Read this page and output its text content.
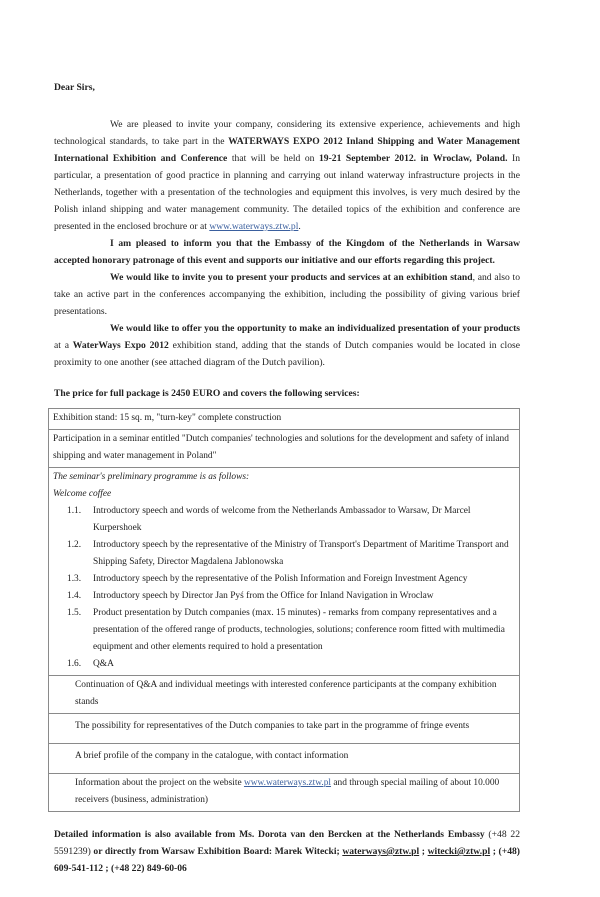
Dear Sirs,

We are pleased to invite your company, considering its extensive experience, achievements and high technological standards, to take part in the WATERWAYS EXPO 2012 Inland Shipping and Water Management International Exhibition and Conference that will be held on 19-21 September 2012. in Wroclaw, Poland. In particular, a presentation of good practice in planning and carrying out inland waterway infrastructure projects in the Netherlands, together with a presentation of the technologies and equipment this involves, is very much desired by the Polish inland shipping and water management community. The detailed topics of the exhibition and conference are presented in the enclosed brochure or at www.waterways.ztw.pl.

I am pleased to inform you that the Embassy of the Kingdom of the Netherlands in Warsaw accepted honorary patronage of this event and supports our initiative and our efforts regarding this project.

We would like to invite you to present your products and services at an exhibition stand, and also to take an active part in the conferences accompanying the exhibition, including the possibility of giving various brief presentations.

We would like to offer you the opportunity to make an individualized presentation of your products at a WaterWays Expo 2012 exhibition stand, adding that the stands of Dutch companies would be located in close proximity to one another (see attached diagram of the Dutch pavilion).

The price for full package is 2450 EURO and covers the following services:
Exhibition stand: 15 sq. m, "turn-key" complete construction
Participation in a seminar entitled "Dutch companies' technologies and solutions for the development and safety of inland shipping and water management in Poland"

The seminar's preliminary programme is as follows:
Welcome coffee
1.1.	Introductory speech and words of welcome from the Netherlands Ambassador to Warsaw, Dr Marcel Kurpershoek
1.2.	Introductory speech by the representative of the Ministry of Transport's Department of Maritime Transport and Shipping Safety, Director Magdalena Jablonowska
1.3.	Introductory speech by the representative of the Polish Information and Foreign Investment Agency
1.4.	Introductory speech by Director Jan Pyś from the Office for Inland Navigation in Wroclaw
1.5.	Product presentation by Dutch companies (max. 15 minutes) - remarks from company representatives and a presentation of the offered range of products, technologies, solutions; conference room fitted with multimedia equipment and other elements required to hold a presentation
1.6.	Q&A

Continuation of Q&A and individual meetings with interested conference participants at the company exhibition stands
The possibility for representatives of the Dutch companies to take part in the programme of fringe events
A brief profile of the company in the catalogue, with contact information
Information about the project on the website www.waterways.ztw.pl and through special mailing of about 10.000 receivers (business, administration)

Detailed information is also available from Ms. Dorota van den Bercken at the Netherlands Embassy (+48 22 5591239) or directly from Warsaw Exhibition Board: Marek Witecki; waterways@ztw.pl ; witecki@ztw.pl ; (+48) 609-541-112 ; (+48 22) 849-60-06
